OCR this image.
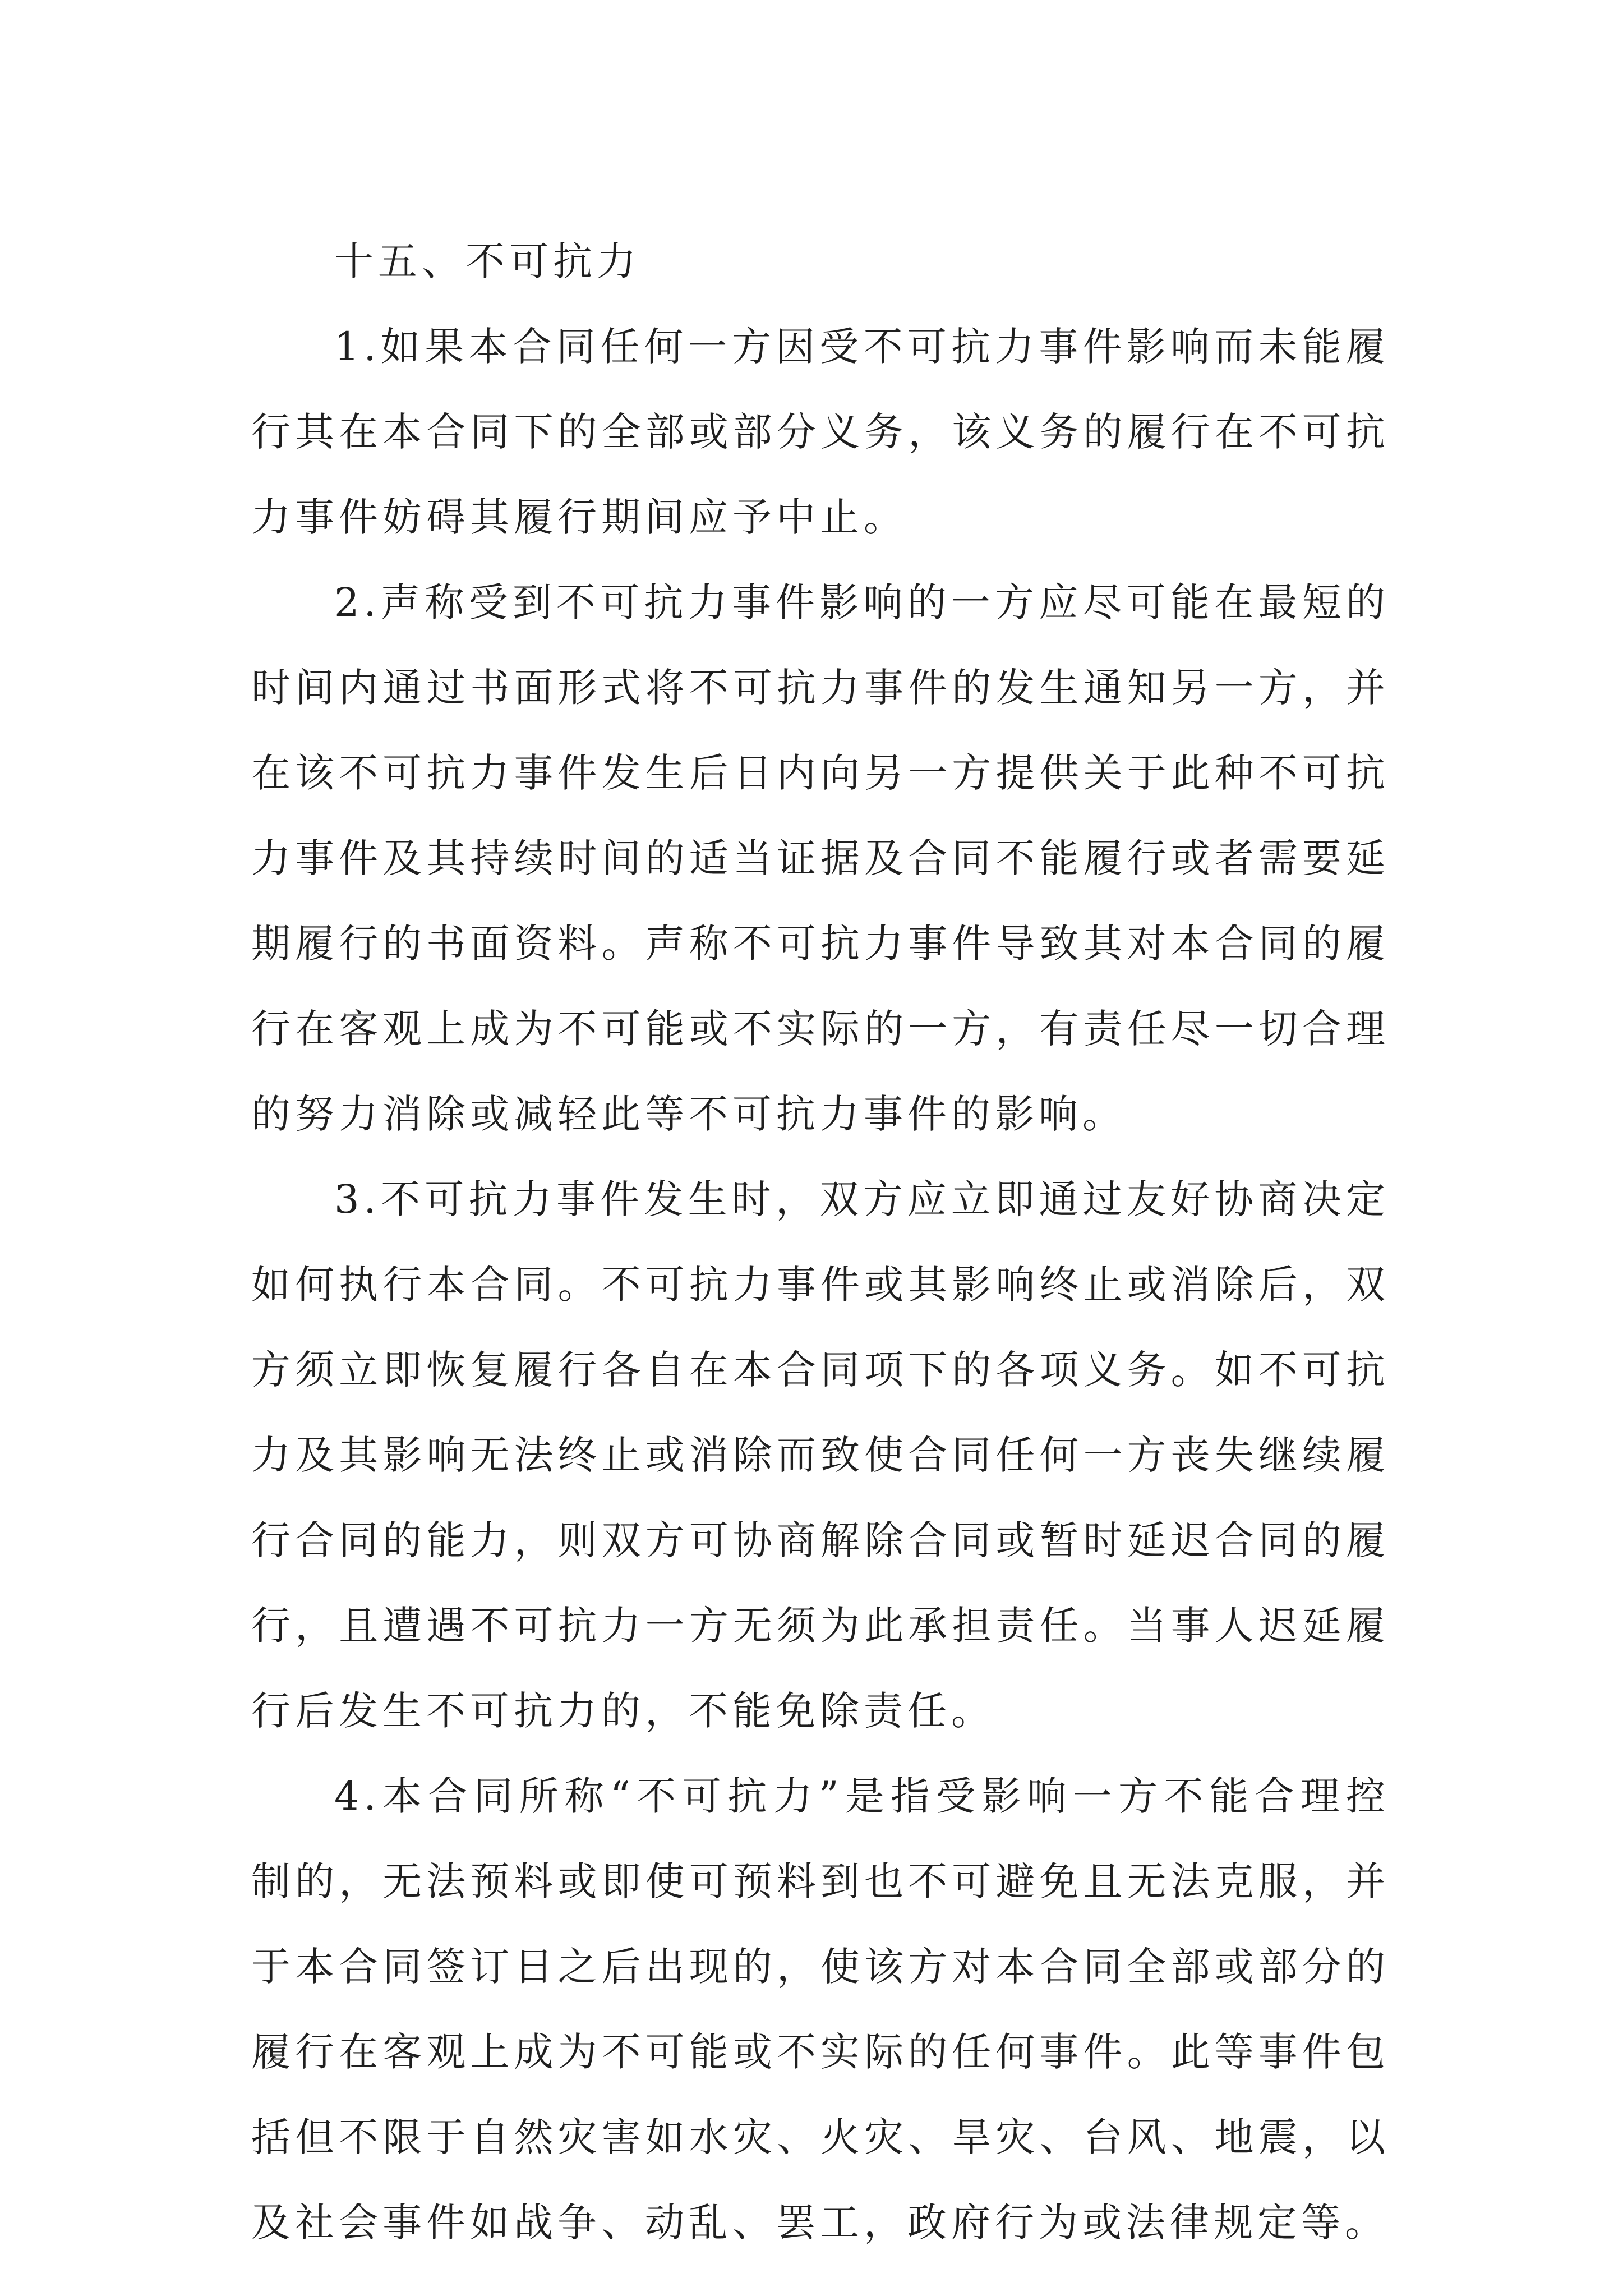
十五、不可抗力

1.如果本合同任何一方因受不可抗力事件影响而未能履行其在本合同下的全部或部分义务，该义务的履行在不可抗力事件妨碍其履行期间应予中止。

2.声称受到不可抗力事件影响的一方应尽可能在最短的时间内通过书面形式将不可抗力事件的发生通知另一方，并在该不可抗力事件发生后日内向另一方提供关于此种不可抗力事件及其持续时间的适当证据及合同不能履行或者需要延期履行的书面资料。声称不可抗力事件导致其对本合同的履行在客观上成为不可能或不实际的一方，有责任尽一切合理的努力消除或减轻此等不可抗力事件的影响。

3.不可抗力事件发生时，双方应立即通过友好协商决定如何执行本合同。不可抗力事件或其影响终止或消除后，双方须立即恢复履行各自在本合同项下的各项义务。如不可抗力及其影响无法终止或消除而致使合同任何一方丧失继续履行合同的能力，则双方可协商解除合同或暂时延迟合同的履行，且遭遇不可抗力一方无须为此承担责任。当事人迟延履行后发生不可抗力的，不能免除责任。

4.本合同所称“不可抗力”是指受影响一方不能合理控制的，无法预料或即使可预料到也不可避免且无法克服，并于本合同签订日之后出现的，使该方对本合同全部或部分的履行在客观上成为不可能或不实际的任何事件。此等事件包括但不限于自然灾害如水灾、火灾、旱灾、台风、地震，以及社会事件如战争、动乱、罢工，政府行为或法律规定等。
